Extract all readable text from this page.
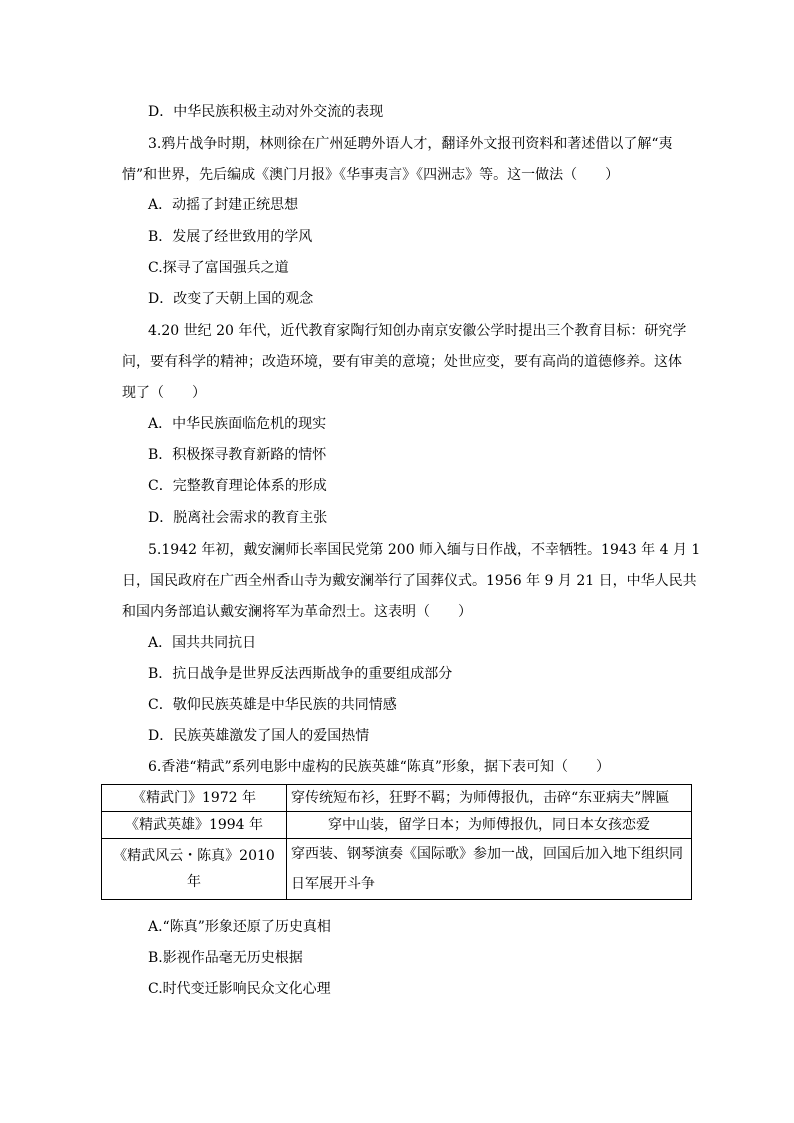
D．中华民族积极主动对外交流的表现
3.鸦片战争时期，林则徐在广州延聘外语人才，翻译外文报刊资料和著述借以了解“夷
情”和世界，先后编成《澳门月报》《华事夷言》《四洲志》等。这一做法（　　）
A．动摇了封建正统思想
B．发展了经世致用的学风
C.探寻了富国强兵之道
D．改变了天朝上国的观念
4.20 世纪 20 年代，近代教育家陶行知创办南京安徽公学时提出三个教育目标：研究学
问，要有科学的精神；改造环境，要有审美的意境；处世应变，要有高尚的道德修养。这体
现了（　　）
A．中华民族面临危机的现实
B．积极探寻教育新路的情怀
C．完整教育理论体系的形成
D．脱离社会需求的教育主张
5.1942 年初，戴安澜师长率国民党第 200 师入缅与日作战，不幸牺牲。1943 年 4 月 1
日，国民政府在广西全州香山寺为戴安澜举行了国葬仪式。1956 年 9 月 21 日，中华人民共
和国内务部追认戴安澜将军为革命烈士。这表明（　　）
A．国共共同抗日
B．抗日战争是世界反法西斯战争的重要组成部分
C．敬仰民族英雄是中华民族的共同情感
D．民族英雄激发了国人的爱国热情
6.香港“精武”系列电影中虚构的民族英雄“陈真”形象，据下表可知（　　）
《精武门》1972 年	穿传统短布衫，狂野不羁；为师傅报仇，击碎“东亚病夫”牌匾

《精武英雄》1994 年	穿中山装，留学日本；为师傅报仇，同日本女孩恋爱

《精武风云・陈真》2010 年	穿西装、钢琴演奏《国际歌》参加一战，回国后加入地下组织同
日军展开斗争
A.“陈真”形象还原了历史真相
B.影视作品毫无历史根据
C.时代变迁影响民众文化心理
